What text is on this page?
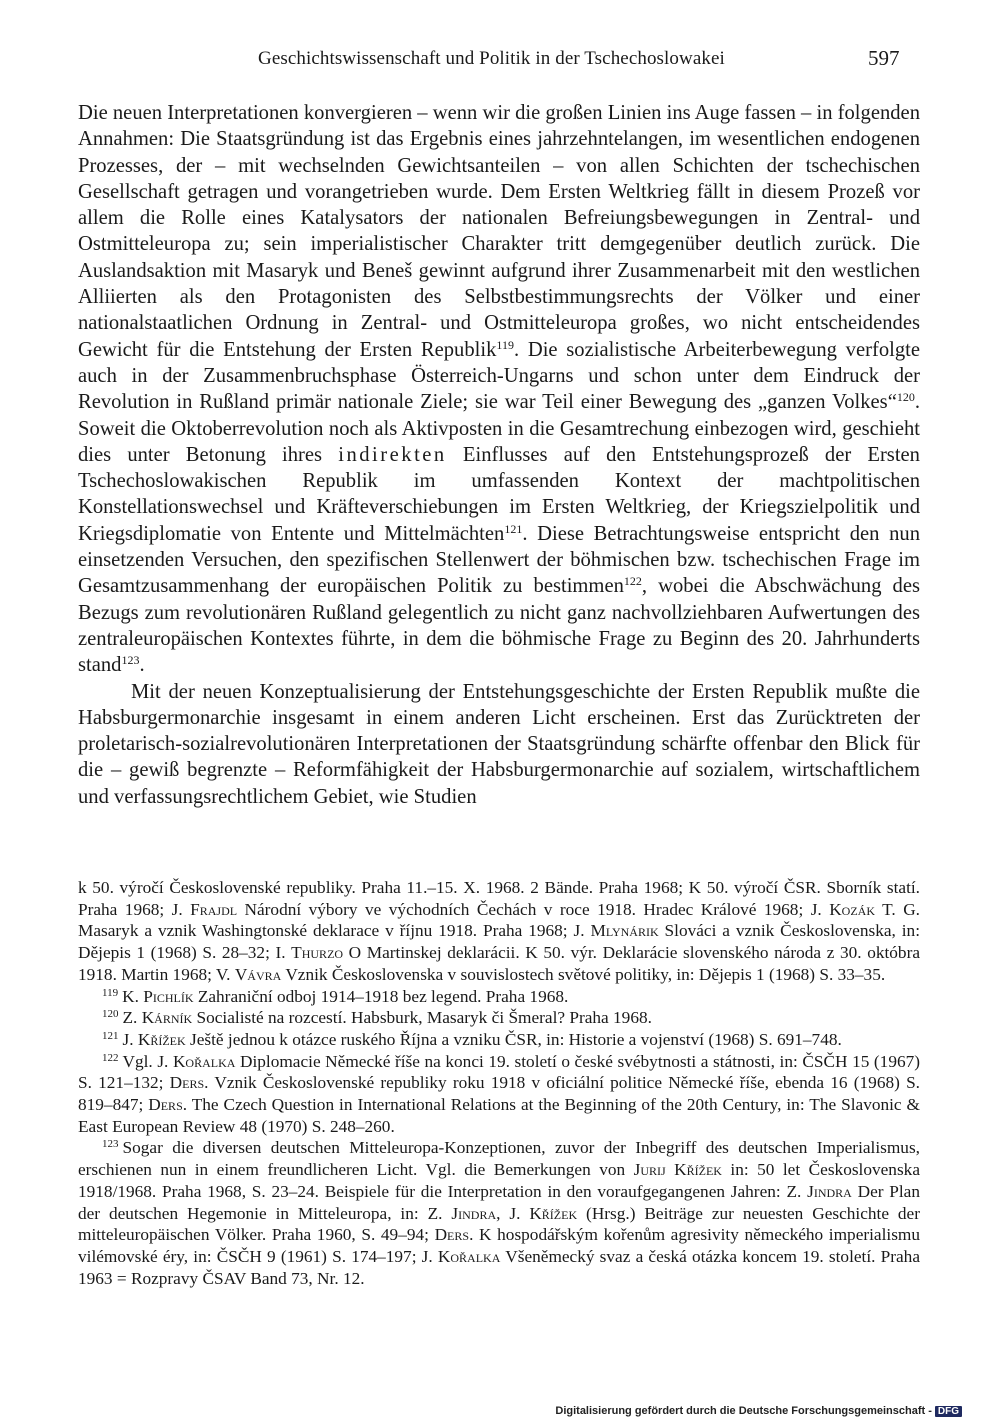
Geschichtswissenschaft und Politik in der Tschechoslowakei	597

Die neuen Interpretationen konvergieren – wenn wir die großen Linien ins Auge fassen – in folgenden Annahmen: Die Staatsgründung ist das Ergebnis eines jahrzehntelangen, im wesentlichen endogenen Prozesses, der – mit wechselnden Gewichtsanteilen – von allen Schichten der tschechischen Gesellschaft getragen und vorangetrieben wurde. Dem Ersten Weltkrieg fällt in diesem Prozeß vor allem die Rolle eines Katalysators der nationalen Befreiungsbewegungen in Zentral- und Ostmitteleuropa zu; sein imperialistischer Charakter tritt demgegenüber deutlich zurück. Die Auslandsaktion mit Masaryk und Beneš gewinnt aufgrund ihrer Zusammenarbeit mit den westlichen Alliierten als den Protagonisten des Selbstbestimmungsrechts der Völker und einer nationalstaatlichen Ordnung in Zentral- und Ostmitteleuropa großes, wo nicht entscheidendes Gewicht für die Entstehung der Ersten Republik$^{119}$. Die sozialistische Arbeiterbewegung verfolgte auch in der Zusammenbruchsphase Österreich-Ungarns und schon unter dem Eindruck der Revolution in Rußland primär nationale Ziele; sie war Teil einer Bewegung des „ganzen Volkes“$^{120}$. Soweit die Oktoberrevolution noch als Aktivposten in die Gesamtrechung einbezogen wird, geschieht dies unter Betonung ihres indirekten Einflusses auf den Entstehungsprozeß der Ersten Tschechoslowakischen Republik im umfassenden Kontext der machtpolitischen Konstellationswechsel und Kräfteverschiebungen im Ersten Weltkrieg, der Kriegszielpolitik und Kriegsdiplomatie von Entente und Mittelmächten$^{121}$. Diese Betrachtungsweise entspricht den nun einsetzenden Versuchen, den spezifischen Stellenwert der böhmischen bzw. tschechischen Frage im Gesamtzusammenhang der europäischen Politik zu bestimmen$^{122}$, wobei die Abschwächung des Bezugs zum revolutionären Rußland gelegentlich zu nicht ganz nachvollziehbaren Aufwertungen des zentraleuropäischen Kontextes führte, in dem die böhmische Frage zu Beginn des 20. Jahrhunderts stand$^{123}$.

Mit der neuen Konzeptualisierung der Entstehungsgeschichte der Ersten Republik mußte die Habsburgermonarchie insgesamt in einem anderen Licht erscheinen. Erst das Zurücktreten der proletarisch-sozialrevolutionären Interpretationen der Staatsgründung schärfte offenbar den Blick für die – gewiß begrenzte – Reformfähigkeit der Habsburgermonarchie auf sozialem, wirtschaftlichem und verfassungsrechtlichem Gebiet, wie Studien

k 50. výročí Československé republiky. Praha 11.–15. X. 1968. 2 Bände. Praha 1968; K 50. výročí ČSR. Sborník statí. Praha 1968; J. Frajdl Národní výbory ve východních Čechách v roce 1918. Hradec Králové 1968; J. Kozák T. G. Masaryk a vznik Washingtonské deklarace v říjnu 1918. Praha 1968; J. Mlynárik Slováci a vznik Československa, in: Dějepis 1 (1968) S. 28–32; I. Thurzo O Martinskej deklarácii. K 50. výr. Deklarácie slovenského národa z 30. októbra 1918. Martin 1968; V. Vávra Vznik Československa v souvislostech světové politiky, in: Dějepis 1 (1968) S. 33–35.

$^{119}$ K. Pichlík Zahraniční odboj 1914–1918 bez legend. Praha 1968.

$^{120}$ Z. Kárník Socialisté na rozcestí. Habsburk, Masaryk či Šmeral? Praha 1968.

$^{121}$ J. Křížek Ještě jednou k otázce ruského Října a vzniku ČSR, in: Historie a vojenství (1968) S. 691–748.

$^{122}$ Vgl. J. Kořalka Diplomacie Německé říše na konci 19. století o české svébytnosti a státnosti, in: ČSČH 15 (1967) S. 121–132; Ders. Vznik Československé republiky roku 1918 v oficiální politice Německé říše, ebenda 16 (1968) S. 819–847; Ders. The Czech Question in International Relations at the Beginning of the 20th Century, in: The Slavonic & East European Review 48 (1970) S. 248–260.

$^{123}$ Sogar die diversen deutschen Mitteleuropa-Konzeptionen, zuvor der Inbegriff des deutschen Imperialismus, erschienen nun in einem freundlicheren Licht. Vgl. die Bemerkungen von Jurij Křížek in: 50 let Československa 1918/1968. Praha 1968, S. 23–24. Beispiele für die Interpretation in den voraufgegangenen Jahren: Z. Jindra Der Plan der deutschen Hegemonie in Mitteleuropa, in: Z. Jindra, J. Křížek (Hrsg.) Beiträge zur neuesten Geschichte der mitteleuropäischen Völker. Praha 1960, S. 49–94; Ders. K hospodářským kořenům agresivity německého imperialismu vilémovské éry, in: ČSČH 9 (1961) S. 174–197; J. Kořalka Všeněmecký svaz a česká otázka koncem 19. století. Praha 1963 = Rozpravy ČSAV Band 73, Nr. 12.

Digitalisierung gefördert durch die Deutsche Forschungsgemeinschaft - DFG
